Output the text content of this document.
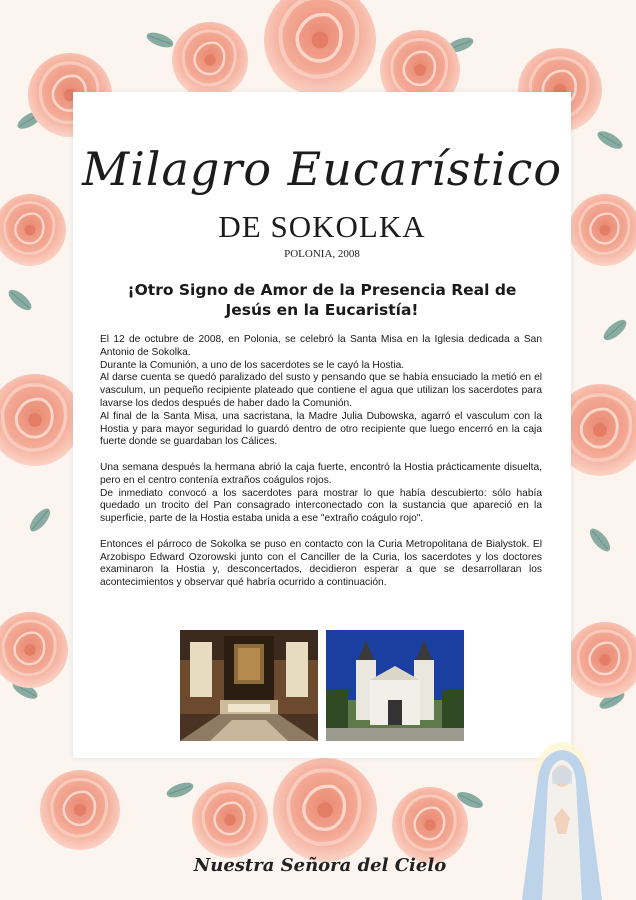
Milagro Eucarístico
DE SOKOLKA
POLONIA, 2008
¡Otro Signo de Amor de la Presencia Real de
Jesús en la Eucaristía!

El 12 de octubre de 2008, en Polonia, se celebró la Santa Misa en la Iglesia dedicada a San Antonio de Sokolka.

Durante la Comunión, a uno de los sacerdotes se le cayó la Hostia.

Al darse cuenta se quedó paralizado del susto y pensando que se había ensuciado la metió en el vasculum, un pequeño recipiente plateado que contiene el agua que utilizan los sacerdotes para lavarse los dedos después de haber dado la Comunión.

Al final de la Santa Misa, una sacristana, la Madre Julia Dubowska, agarró el vasculum con la Hostia y para mayor seguridad lo guardó dentro de otro recipiente que luego encerró en la caja fuerte donde se guardaban los Cálices.

Una semana después la hermana abrió la caja fuerte, encontró la Hostia prácticamente disuelta, pero en el centro contenía extraños coágulos rojos.

De inmediato convocó a los sacerdotes para mostrar lo que había descubierto: sólo había quedado un trocito del Pan consagrado interconectado con la sustancia que apareció en la superficie, parte de la Hostia estaba unida a ese "extraño coágulo rojo".

Entonces el párroco de Sokolka se puso en contacto con la Curia Metropolitana de Bialystok. El Arzobispo Edward Ozorowski junto con el Canciller de la Curia, los sacerdotes y los doctores examinaron la Hostia y, desconcertados, decidieron esperar a que se desarrollaran los acontecimientos y observar qué habría ocurrido a continuación.

Nuestra Señora del Cielo
